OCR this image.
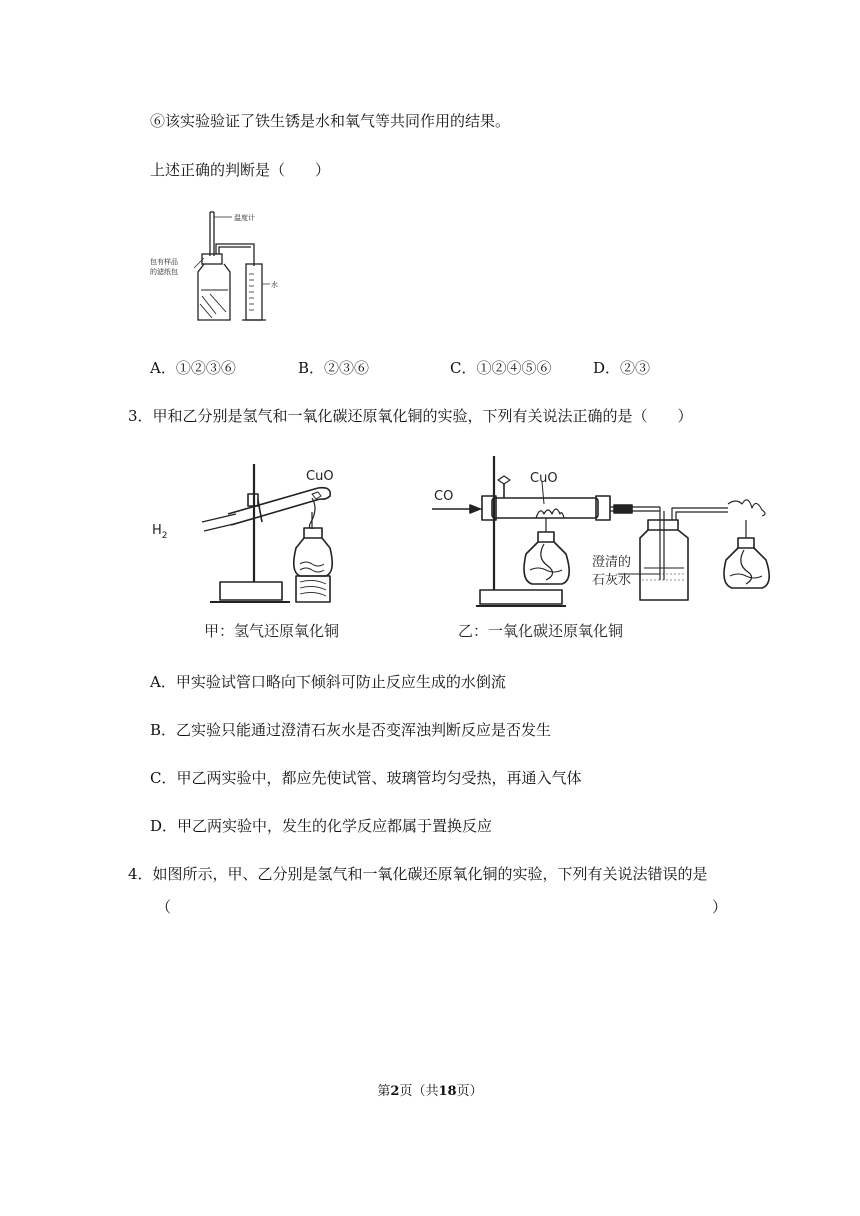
⑥该实验验证了铁生锈是水和氧气等共同作用的结果。
上述正确的判断是（　　）
温度计
包有样品
的滤纸包
水
A．①②③⑥	B．②③⑥	C．①②④⑤⑥	D．②③
3．甲和乙分别是氢气和一氧化碳还原氧化铜的实验，下列有关说法正确的是（　　）
CuO
$H_2$
CuO
CO
澄清的
石灰水
甲：氢气还原氧化铜	乙：一氧化碳还原氧化铜
A．甲实验试管口略向下倾斜可防止反应生成的水倒流
B．乙实验只能通过澄清石灰水是否变浑浊判断反应是否发生
C．甲乙两实验中，都应先使试管、玻璃管均匀受热，再通入气体
D．甲乙两实验中，发生的化学反应都属于置换反应
4．如图所示，甲、乙分别是氢气和一氧化碳还原氧化铜的实验，下列有关说法错误的是
（	）
第2页（共18页）
